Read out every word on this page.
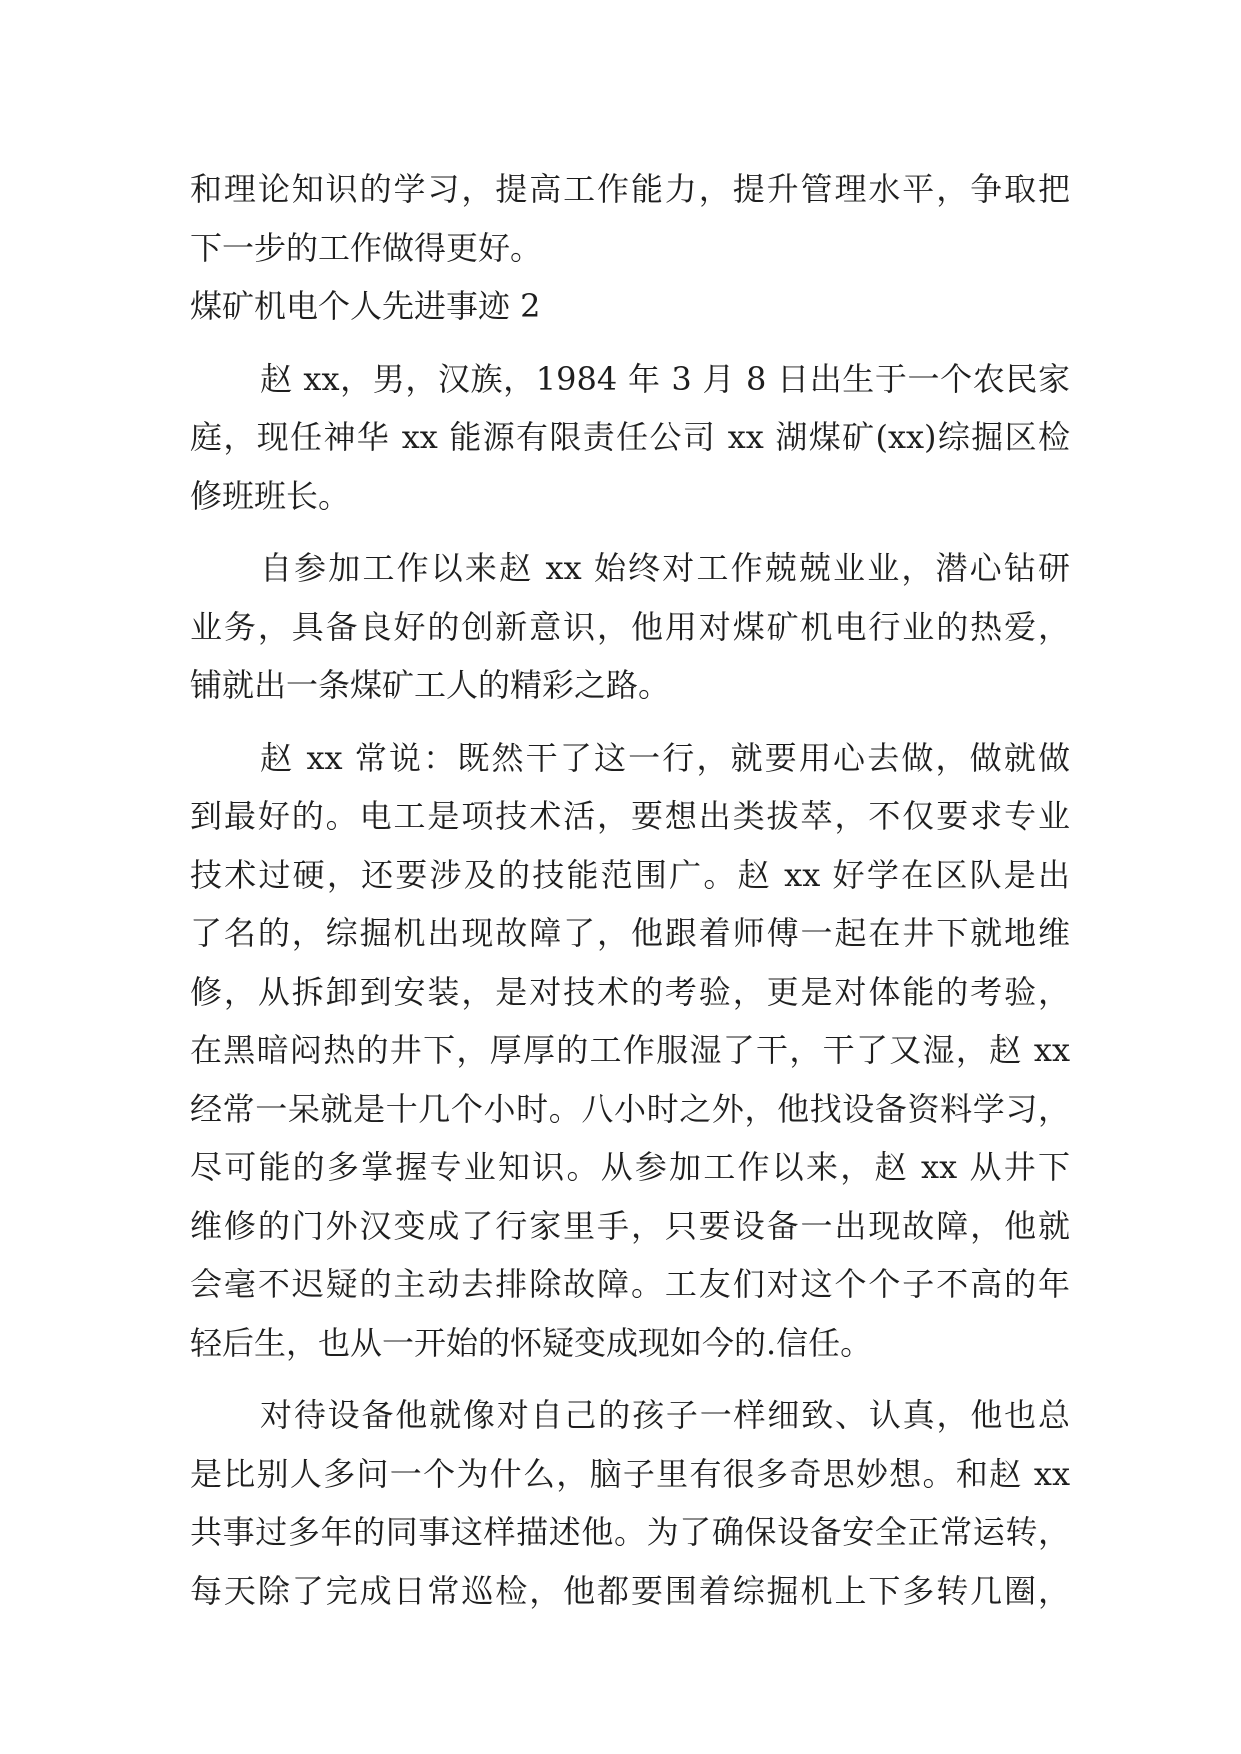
和理论知识的学习，提高工作能力，提升管理水平，争取把
下一步的工作做得更好。
煤矿机电个人先进事迹 2
赵 xx，男，汉族，1984 年 3 月 8 日出生于一个农民家
庭，现任神华 xx 能源有限责任公司 xx 湖煤矿(xx)综掘区检
修班班长。
自参加工作以来赵 xx 始终对工作兢兢业业，潜心钻研
业务，具备良好的创新意识，他用对煤矿机电行业的热爱，
铺就出一条煤矿工人的精彩之路。
赵 xx 常说：既然干了这一行，就要用心去做，做就做
到最好的。电工是项技术活，要想出类拔萃，不仅要求专业
技术过硬，还要涉及的技能范围广。赵 xx 好学在区队是出
了名的，综掘机出现故障了，他跟着师傅一起在井下就地维
修，从拆卸到安装，是对技术的考验，更是对体能的考验，
在黑暗闷热的井下，厚厚的工作服湿了干，干了又湿，赵 xx
经常一呆就是十几个小时。八小时之外，他找设备资料学习，
尽可能的多掌握专业知识。从参加工作以来，赵 xx 从井下
维修的门外汉变成了行家里手，只要设备一出现故障，他就
会毫不迟疑的主动去排除故障。工友们对这个个子不高的年
轻后生，也从一开始的怀疑变成现如今的.信任。
对待设备他就像对自己的孩子一样细致、认真，他也总
是比别人多问一个为什么，脑子里有很多奇思妙想。和赵 xx
共事过多年的同事这样描述他。为了确保设备安全正常运转，
每天除了完成日常巡检，他都要围着综掘机上下多转几圈，
